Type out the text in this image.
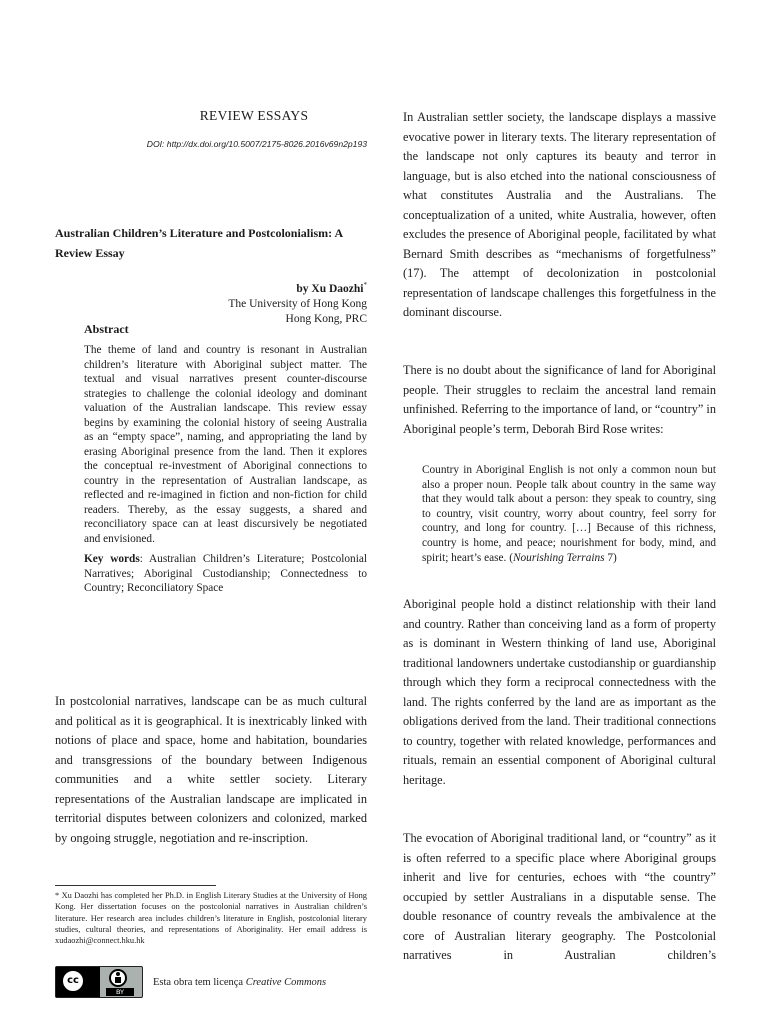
REVIEW ESSAYS
DOI: http://dx.doi.org/10.5007/2175-8026.2016v69n2p193
Australian Children’s Literature and Postcolonialism: A Review Essay
by Xu Daozhi*
The University of Hong Kong
Hong Kong, PRC
Abstract

The theme of land and country is resonant in Australian children’s literature with Aboriginal subject matter. The textual and visual narratives present counter-discourse strategies to challenge the colonial ideology and dominant valuation of the Australian landscape. This review essay begins by examining the colonial history of seeing Australia as an “empty space”, naming, and appropriating the land by erasing Aboriginal presence from the land. Then it explores the conceptual re-investment of Aboriginal connections to country in the representation of Australian landscape, as reflected and re-imagined in fiction and non-fiction for child readers. Thereby, as the essay suggests, a shared and reconciliatory space can at least discursively be negotiated and envisioned.

Key words: Australian Children’s Literature; Postcolonial Narratives; Aboriginal Custodianship; Connectedness to Country; Reconciliatory Space

In postcolonial narratives, landscape can be as much cultural and political as it is geographical. It is inextricably linked with notions of place and space, home and habitation, boundaries and transgressions of the boundary between Indigenous communities and a white settler society. Literary representations of the Australian landscape are implicated in territorial disputes between colonizers and colonized, marked by ongoing struggle, negotiation and re-inscription.

* Xu Daozhi has completed her Ph.D. in English Literary Studies at the University of Hong Kong. Her dissertation focuses on the postcolonial narratives in Australian children’s literature. Her research area includes children’s literature in English, postcolonial literary studies, cultural theories, and representations of Aboriginality. Her email address is xudaozhi@connect.hku.hk

cc
BY
Esta obra tem licença Creative Commons

In Australian settler society, the landscape displays a massive evocative power in literary texts. The literary representation of the landscape not only captures its beauty and terror in language, but is also etched into the national consciousness of what constitutes Australia and the Australians. The conceptualization of a united, white Australia, however, often excludes the presence of Aboriginal people, facilitated by what Bernard Smith describes as “mechanisms of forgetfulness” (17). The attempt of decolonization in postcolonial representation of landscape challenges this forgetfulness in the dominant discourse.

There is no doubt about the significance of land for Aboriginal people. Their struggles to reclaim the ancestral land remain unfinished. Referring to the importance of land, or “country” in Aboriginal people’s term, Deborah Bird Rose writes:

Country in Aboriginal English is not only a common noun but also a proper noun. People talk about country in the same way that they would talk about a person: they speak to country, sing to country, visit country, worry about country, feel sorry for country, and long for country. […] Because of this richness, country is home, and peace; nourishment for body, mind, and spirit; heart’s ease. (Nourishing Terrains 7)

Aboriginal people hold a distinct relationship with their land and country. Rather than conceiving land as a form of property as is dominant in Western thinking of land use, Aboriginal traditional landowners undertake custodianship or guardianship through which they form a reciprocal connectedness with the land. The rights conferred by the land are as important as the obligations derived from the land. Their traditional connections to country, together with related knowledge, performances and rituals, remain an essential component of Aboriginal cultural heritage.

The evocation of Aboriginal traditional land, or “country” as it is often referred to a specific place where Aboriginal groups inherit and live for centuries, echoes with “the country” occupied by settler Australians in a disputable sense. The double resonance of country reveals the ambivalence at the core of Australian literary geography. The Postcolonial narratives in Australian children’s
